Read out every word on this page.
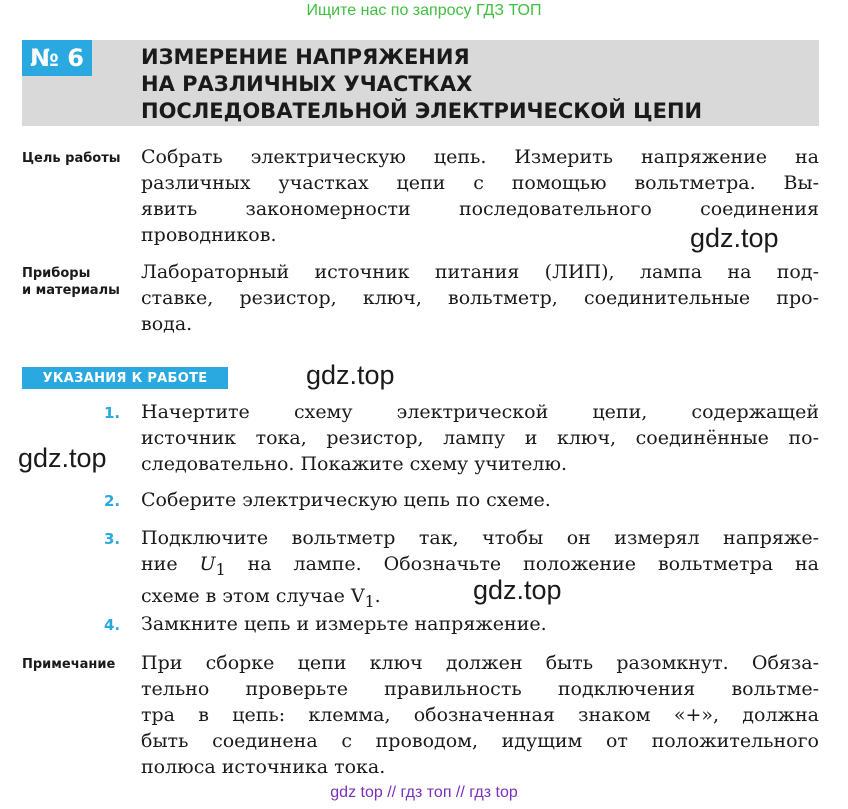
Ищите нас по запросу ГДЗ ТОП
№ 6	ИЗМЕРЕНИЕ НАПРЯЖЕНИЯ
НА РАЗЛИЧНЫХ УЧАСТКАХ
ПОСЛЕДОВАТЕЛЬНОЙ ЭЛЕКТРИЧЕСКОЙ ЦЕПИ
Цель работы Собрать электрическую цепь. Измерить напряжение на
различных участках цепи с помощью вольтметра. Вы-
явить закономерности последовательного соединения
проводников.
Приборы
и материалы
Лабораторный источник питания (ЛИП), лампа на под-
ставке, резистор, ключ, вольтметр, соединительные про-
вода.
УКАЗАНИЯ К РАБОТЕ
1. Начертите схему электрической цепи, содержащей
источник тока, резистор, лампу и ключ, соединённые по-
следовательно. Покажите схему учителю.
2. Соберите электрическую цепь по схеме.
3. Подключите вольтметр так, чтобы он измерял напряже-
ние $U_1$ на лампе. Обозначьте положение вольтметра на
схеме в этом случае $V_1$.
4. Замкните цепь и измерьте напряжение.
Примечание При сборке цепи ключ должен быть разомкнут. Обяза-
тельно проверьте правильность подключения вольтме-
тра в цепь: клемма, обозначенная знаком «+», должна
быть соединена с проводом, идущим от положительного
полюса источника тока.
gdz.top
gdz.top
gdz.top
gdz.top
gdz top // гдз топ // гдз top
